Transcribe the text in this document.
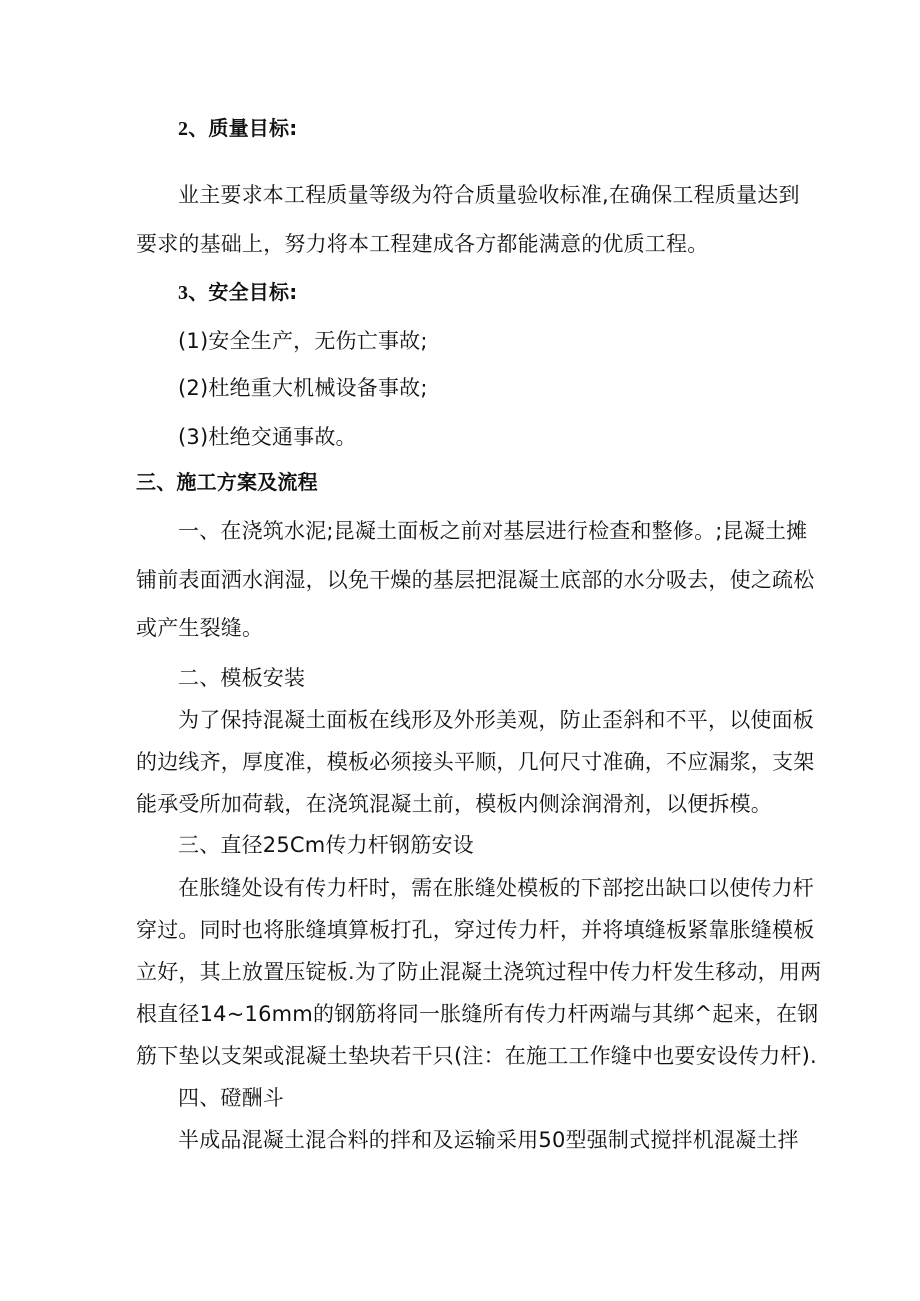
2、质量目标:
业主要求本工程质量等级为符合质量验收标准,在确保工程质量达到
要求的基础上，努力将本工程建成各方都能满意的优质工程。
3、安全目标:
(1)安全生产，无伤亡事故;
(2)杜绝重大机械设备事故;
(3)杜绝交通事故。
三、施工方案及流程
一、在浇筑水泥;昆凝土面板之前对基层进行检查和整修。;昆凝土摊
铺前表面洒水润湿，以免干燥的基层把混凝土底部的水分吸去，使之疏松
或产生裂缝。
二、模板安装
为了保持混凝土面板在线形及外形美观，防止歪斜和不平，以使面板
的边线齐，厚度准，模板必须接头平顺，几何尺寸准确，不应漏浆，支架
能承受所加荷载，在浇筑混凝土前，模板内侧涂润滑剂，以便拆模。
三、直径25Cm传力杆钢筋安设
在胀缝处设有传力杆时，需在胀缝处模板的下部挖出缺口以使传力杆
穿过。同时也将胀缝填算板打孔，穿过传力杆，并将填缝板紧靠胀缝模板
立好，其上放置压锭板.为了防止混凝土浇筑过程中传力杆发生移动，用两
根直径14~16mm的钢筋将同一胀缝所有传力杆两端与其绑^起来，在钢
筋下垫以支架或混凝土垫块若干只(注：在施工工作缝中也要安设传力杆).
四、磴酬斗
半成品混凝土混合料的拌和及运输采用50型强制式搅拌机混凝土拌
